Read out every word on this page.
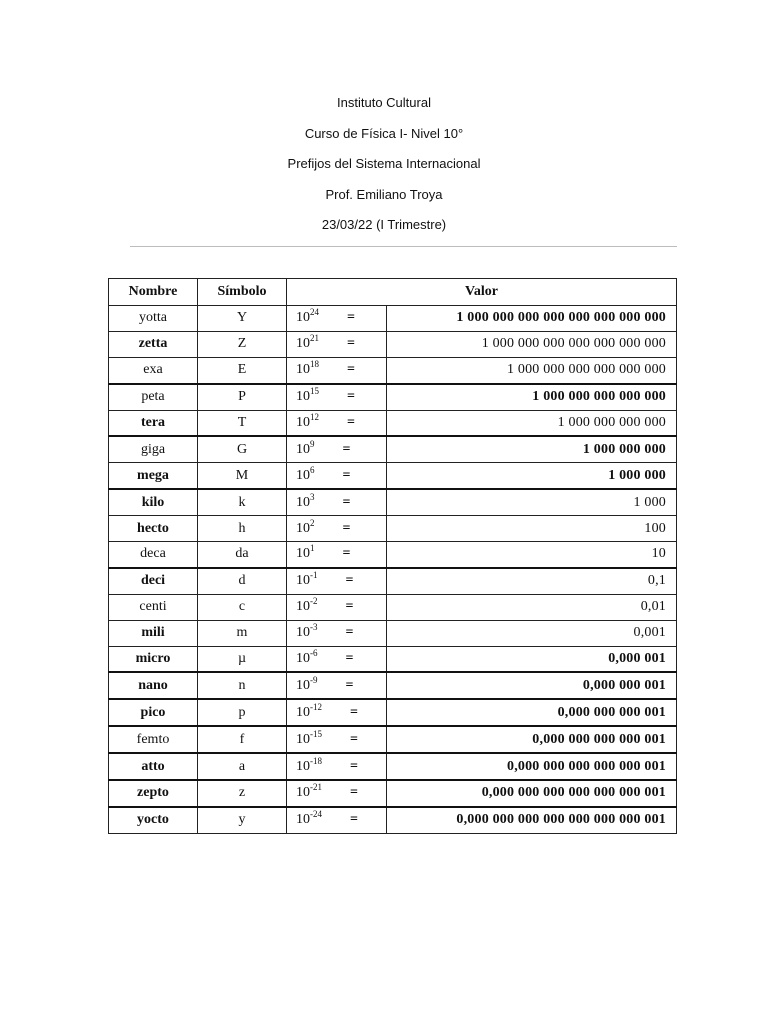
Instituto Cultural

Curso de Física I- Nivel 10°

Prefijos del Sistema Internacional

Prof. Emiliano Troya

23/03/22 (I Trimestre)

Nombre	Símbolo	Valor	
yotta	Y	$10^{24}$ =	1 000 000 000 000 000 000 000 000
zetta	Z	$10^{21}$ =	1 000 000 000 000 000 000 000
exa	E	$10^{18}$ =	1 000 000 000 000 000 000
peta	P	$10^{15}$ =	1 000 000 000 000 000
tera	T	$10^{12}$ =	1 000 000 000 000
giga	G	$10^9$ =	1 000 000 000
mega	M	$10^6$ =	1 000 000
kilo	k	$10^3$ =	1 000
hecto	h	$10^2$ =	100
deca	da	$10^1$ =	10
deci	d	$10^{-1}$ =	0,1
centi	c	$10^{-2}$ =	0,01
mili	m	$10^{-3}$ =	0,001
micro	µ	$10^{-6}$ =	0,000 001
nano	n	$10^{-9}$ =	0,000 000 001
pico	p	$10^{-12}$ =	0,000 000 000 001
femto	f	$10^{-15}$ =	0,000 000 000 000 001
atto	a	$10^{-18}$ =	0,000 000 000 000 000 001
zepto	z	$10^{-21}$ =	0,000 000 000 000 000 000 001
yocto	y	$10^{-24}$ =	0,000 000 000 000 000 000 000 001
